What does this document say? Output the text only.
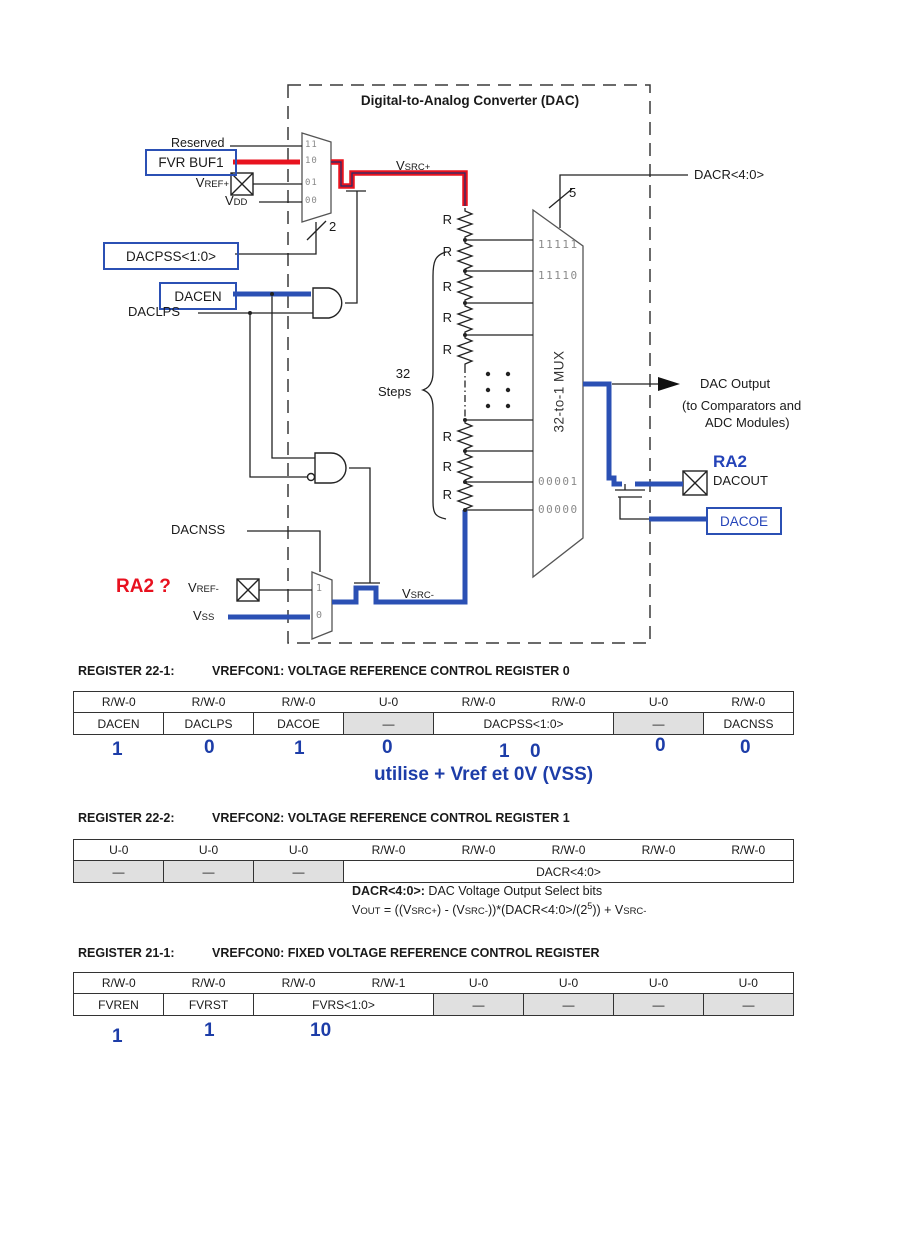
Digital-to-Analog Converter (DAC)
Reserved
FVR BUF1
VREF+
VDD
DACPSS<1:0>
DACEN
DACLPS
DACNSS
RA2 ? VREF-
VSS
VSRC+
VSRC-
2
5
DACR<4:0>
11
10
01
00
11111
11110
00001
00000
1
0
R
R
R
R
R
R
R
R
32
Steps	32-to-1 MUX	DAC Output
(to Comparators and
ADC Modules)
RA2
DACOUT
DACOE
REGISTER 22-1:	VREFCON1: VOLTAGE REFERENCE CONTROL REGISTER 0
R/W-0	R/W-0	R/W-0	U-0	R/W-0	R/W-0	U-0	R/W-0
DACEN	DACLPS	DACOE	—	DACPSS<1:0>		—	DACNSS
1	0	1	0	1 0	0	0
utilise + Vref et 0V (VSS)
REGISTER 22-2:	VREFCON2: VOLTAGE REFERENCE CONTROL REGISTER 1
U-0	U-0	U-0	R/W-0	R/W-0	R/W-0	R/W-0	R/W-0
—	—	—	DACR<4:0>				
DACR<4:0>: DAC Voltage Output Select bits
VOUT = ((VSRC+) - $(VSRC-))*(DACR<4:0>/(2^5))$ + VSRC-
REGISTER 21-1:	VREFCON0: FIXED VOLTAGE REFERENCE CONTROL REGISTER
R/W-0	R/W-0	R/W-0	R/W-1	U-0	U-0	U-0	U-0
FVREN	FVRST	FVRS<1:0>		—	—	—	—
1	1	10
